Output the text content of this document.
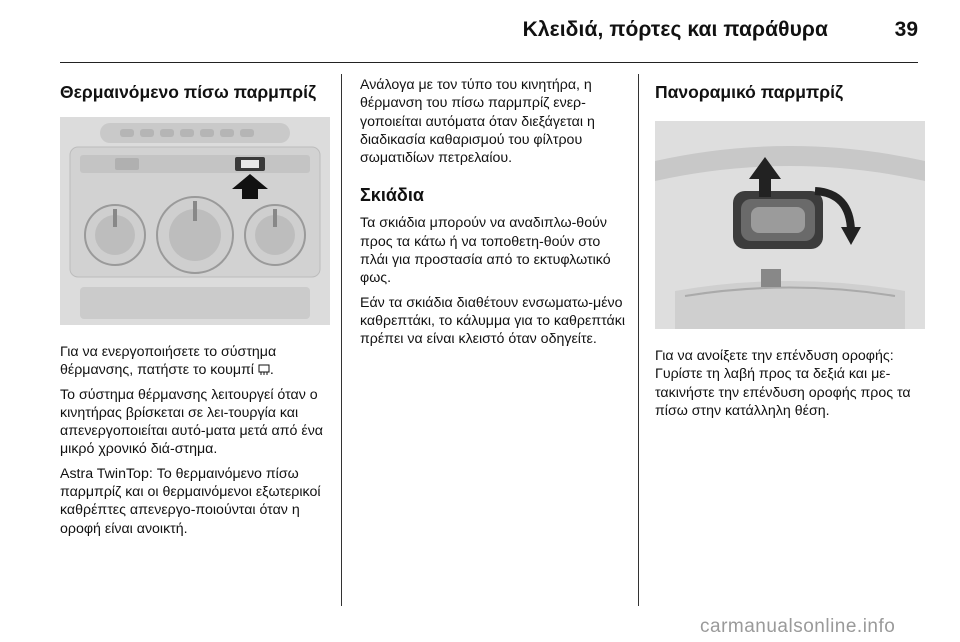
Κλειδιά, πόρτες και παράθυρα	39
Θερμαινόμενο πίσω παρμπρίζ

Για να ενεργοποιήσετε το σύστημα θέρμανσης, πατήστε το κουμπί .

Το σύστημα θέρμανσης λειτουργεί όταν ο κινητήρας βρίσκεται σε λει-τουργία και απενεργοποιείται αυτό-ματα μετά από ένα μικρό χρονικό διά-στημα.

Astra TwinTop: Το θερμαινόμενο πίσω παρμπρίζ και οι θερμαινόμενοι εξωτερικοί καθρέπτες απενεργο-ποιούνται όταν η οροφή είναι ανοικτή.

Ανάλογα με τον τύπο του κινητήρα, η θέρμανση του πίσω παρμπρίζ ενερ-γοποιείται αυτόματα όταν διεξάγεται η διαδικασία καθαρισμού του φίλτρου σωματιδίων πετρελαίου.

Σκιάδια

Τα σκιάδια μπορούν να αναδιπλω-θούν προς τα κάτω ή να τοποθετη-θούν στο πλάι για προστασία από το εκτυφλωτικό φως.

Εάν τα σκιάδια διαθέτουν ενσωματω-μένο καθρεπτάκι, το κάλυμμα για το καθρεπτάκι πρέπει να είναι κλειστό όταν οδηγείτε.

Πανοραμικό παρμπρίζ

Για να ανοίξετε την επένδυση οροφής: Γυρίστε τη λαβή προς τα δεξιά και με-τακινήστε την επένδυση οροφής προς τα πίσω στην κατάλληλη θέση.

carmanualsonline.info
